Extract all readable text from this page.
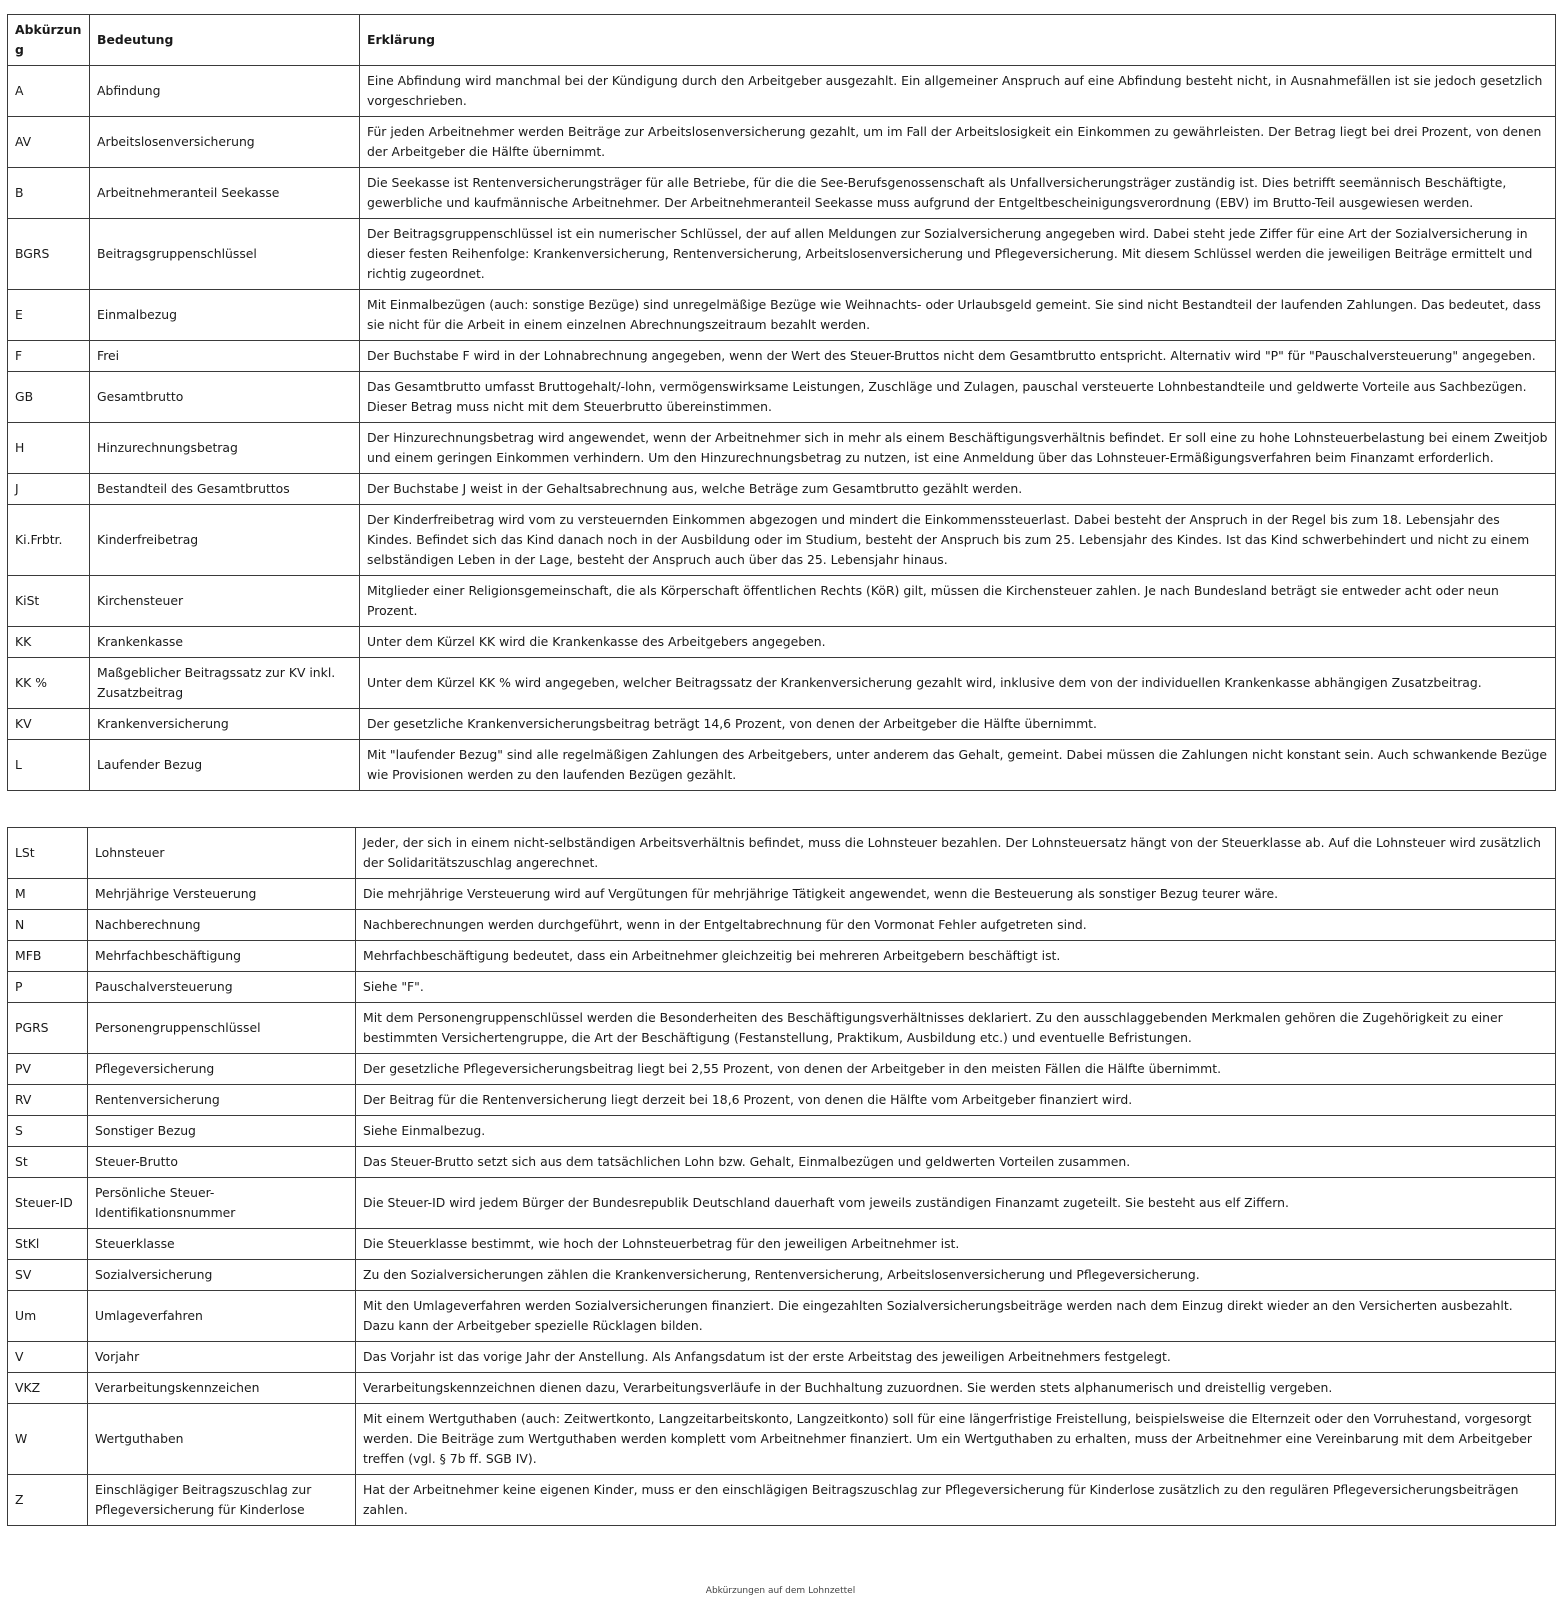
Abkürzung	Bedeutung	Erklärung
A	Abfindung	Eine Abfindung wird manchmal bei der Kündigung durch den Arbeitgeber ausgezahlt. Ein allgemeiner Anspruch auf eine Abfindung besteht nicht, in Ausnahmefällen ist sie jedoch gesetzlich vorgeschrieben.
AV	Arbeitslosenversicherung	Für jeden Arbeitnehmer werden Beiträge zur Arbeitslosenversicherung gezahlt, um im Fall der Arbeitslosigkeit ein Einkommen zu gewährleisten. Der Betrag liegt bei drei Prozent, von denen der Arbeitgeber die Hälfte übernimmt.
B	Arbeitnehmeranteil Seekasse	Die Seekasse ist Rentenversicherungsträger für alle Betriebe, für die die See-Berufsgenossenschaft als Unfallversicherungsträger zuständig ist. Dies betrifft seemännisch Beschäftigte, gewerbliche und kaufmännische Arbeitnehmer. Der Arbeitnehmeranteil Seekasse muss aufgrund der Entgeltbescheinigungsverordnung (EBV) im Brutto-Teil ausgewiesen werden.
BGRS	Beitragsgruppenschlüssel	Der Beitragsgruppenschlüssel ist ein numerischer Schlüssel, der auf allen Meldungen zur Sozialversicherung angegeben wird. Dabei steht jede Ziffer für eine Art der Sozialversicherung in dieser festen Reihenfolge: Krankenversicherung, Rentenversicherung, Arbeitslosenversicherung und Pflegeversicherung. Mit diesem Schlüssel werden die jeweiligen Beiträge ermittelt und richtig zugeordnet.
E	Einmalbezug	Mit Einmalbezügen (auch: sonstige Bezüge) sind unregelmäßige Bezüge wie Weihnachts- oder Urlaubsgeld gemeint. Sie sind nicht Bestandteil der laufenden Zahlungen. Das bedeutet, dass sie nicht für die Arbeit in einem einzelnen Abrechnungszeitraum bezahlt werden.
F	Frei	Der Buchstabe F wird in der Lohnabrechnung angegeben, wenn der Wert des Steuer-Bruttos nicht dem Gesamtbrutto entspricht. Alternativ wird "P" für "Pauschalversteuerung" angegeben.
GB	Gesamtbrutto	Das Gesamtbrutto umfasst Bruttogehalt/-lohn, vermögenswirksame Leistungen, Zuschläge und Zulagen, pauschal versteuerte Lohnbestandteile und geldwerte Vorteile aus Sachbezügen. Dieser Betrag muss nicht mit dem Steuerbrutto übereinstimmen.
H	Hinzurechnungsbetrag	Der Hinzurechnungsbetrag wird angewendet, wenn der Arbeitnehmer sich in mehr als einem Beschäftigungsverhältnis befindet. Er soll eine zu hohe Lohnsteuerbelastung bei einem Zweitjob und einem geringen Einkommen verhindern. Um den Hinzurechnungsbetrag zu nutzen, ist eine Anmeldung über das Lohnsteuer-Ermäßigungsverfahren beim Finanzamt erforderlich.
J	Bestandteil des Gesamtbruttos	Der Buchstabe J weist in der Gehaltsabrechnung aus, welche Beträge zum Gesamtbrutto gezählt werden.
Ki.Frbtr.	Kinderfreibetrag	Der Kinderfreibetrag wird vom zu versteuernden Einkommen abgezogen und mindert die Einkommenssteuerlast. Dabei besteht der Anspruch in der Regel bis zum 18. Lebensjahr des Kindes. Befindet sich das Kind danach noch in der Ausbildung oder im Studium, besteht der Anspruch bis zum 25. Lebensjahr des Kindes. Ist das Kind schwerbehindert und nicht zu einem selbständigen Leben in der Lage, besteht der Anspruch auch über das 25. Lebensjahr hinaus.
KiSt	Kirchensteuer	Mitglieder einer Religionsgemeinschaft, die als Körperschaft öffentlichen Rechts (KöR) gilt, müssen die Kirchensteuer zahlen. Je nach Bundesland beträgt sie entweder acht oder neun Prozent.
KK	Krankenkasse	Unter dem Kürzel KK wird die Krankenkasse des Arbeitgebers angegeben.
KK %	Maßgeblicher Beitragssatz zur KV inkl. Zusatzbeitrag	Unter dem Kürzel KK % wird angegeben, welcher Beitragssatz der Krankenversicherung gezahlt wird, inklusive dem von der individuellen Krankenkasse abhängigen Zusatzbeitrag.
KV	Krankenversicherung	Der gesetzliche Krankenversicherungsbeitrag beträgt 14,6 Prozent, von denen der Arbeitgeber die Hälfte übernimmt.
L	Laufender Bezug	Mit "laufender Bezug" sind alle regelmäßigen Zahlungen des Arbeitgebers, unter anderem das Gehalt, gemeint. Dabei müssen die Zahlungen nicht konstant sein. Auch schwankende Bezüge wie Provisionen werden zu den laufenden Bezügen gezählt.
LSt	Lohnsteuer	Jeder, der sich in einem nicht-selbständigen Arbeitsverhältnis befindet, muss die Lohnsteuer bezahlen. Der Lohnsteuersatz hängt von der Steuerklasse ab. Auf die Lohnsteuer wird zusätzlich der Solidaritätszuschlag angerechnet.
M	Mehrjährige Versteuerung	Die mehrjährige Versteuerung wird auf Vergütungen für mehrjährige Tätigkeit angewendet, wenn die Besteuerung als sonstiger Bezug teurer wäre.
N	Nachberechnung	Nachberechnungen werden durchgeführt, wenn in der Entgeltabrechnung für den Vormonat Fehler aufgetreten sind.
MFB	Mehrfachbeschäftigung	Mehrfachbeschäftigung bedeutet, dass ein Arbeitnehmer gleichzeitig bei mehreren Arbeitgebern beschäftigt ist.
P	Pauschalversteuerung	Siehe "F".
PGRS	Personengruppenschlüssel	Mit dem Personengruppenschlüssel werden die Besonderheiten des Beschäftigungsverhältnisses deklariert. Zu den ausschlaggebenden Merkmalen gehören die Zugehörigkeit zu einer bestimmten Versichertengruppe, die Art der Beschäftigung (Festanstellung, Praktikum, Ausbildung etc.) und eventuelle Befristungen.
PV	Pflegeversicherung	Der gesetzliche Pflegeversicherungsbeitrag liegt bei 2,55 Prozent, von denen der Arbeitgeber in den meisten Fällen die Hälfte übernimmt.
RV	Rentenversicherung	Der Beitrag für die Rentenversicherung liegt derzeit bei 18,6 Prozent, von denen die Hälfte vom Arbeitgeber finanziert wird.
S	Sonstiger Bezug	Siehe Einmalbezug.
St	Steuer-Brutto	Das Steuer-Brutto setzt sich aus dem tatsächlichen Lohn bzw. Gehalt, Einmalbezügen und geldwerten Vorteilen zusammen.
Steuer-ID	Persönliche Steuer-Identifikationsnummer	Die Steuer-ID wird jedem Bürger der Bundesrepublik Deutschland dauerhaft vom jeweils zuständigen Finanzamt zugeteilt. Sie besteht aus elf Ziffern.
StKl	Steuerklasse	Die Steuerklasse bestimmt, wie hoch der Lohnsteuerbetrag für den jeweiligen Arbeitnehmer ist.
SV	Sozialversicherung	Zu den Sozialversicherungen zählen die Krankenversicherung, Rentenversicherung, Arbeitslosenversicherung und Pflegeversicherung.
Um	Umlageverfahren	Mit den Umlageverfahren werden Sozialversicherungen finanziert. Die eingezahlten Sozialversicherungsbeiträge werden nach dem Einzug direkt wieder an den Versicherten ausbezahlt. Dazu kann der Arbeitgeber spezielle Rücklagen bilden.
V	Vorjahr	Das Vorjahr ist das vorige Jahr der Anstellung. Als Anfangsdatum ist der erste Arbeitstag des jeweiligen Arbeitnehmers festgelegt.
VKZ	Verarbeitungskennzeichen	Verarbeitungskennzeichnen dienen dazu, Verarbeitungsverläufe in der Buchhaltung zuzuordnen. Sie werden stets alphanumerisch und dreistellig vergeben.
W	Wertguthaben	Mit einem Wertguthaben (auch: Zeitwertkonto, Langzeitarbeitskonto, Langzeitkonto) soll für eine längerfristige Freistellung, beispielsweise die Elternzeit oder den Vorruhestand, vorgesorgt werden. Die Beiträge zum Wertguthaben werden komplett vom Arbeitnehmer finanziert. Um ein Wertguthaben zu erhalten, muss der Arbeitnehmer eine Vereinbarung mit dem Arbeitgeber treffen (vgl. § 7b ff. SGB IV).
Z	Einschlägiger Beitragszuschlag zur Pflegeversicherung für Kinderlose	Hat der Arbeitnehmer keine eigenen Kinder, muss er den einschlägigen Beitragszuschlag zur Pflegeversicherung für Kinderlose zusätzlich zu den regulären Pflegeversicherungsbeiträgen zahlen.
Abkürzungen auf dem Lohnzettel
